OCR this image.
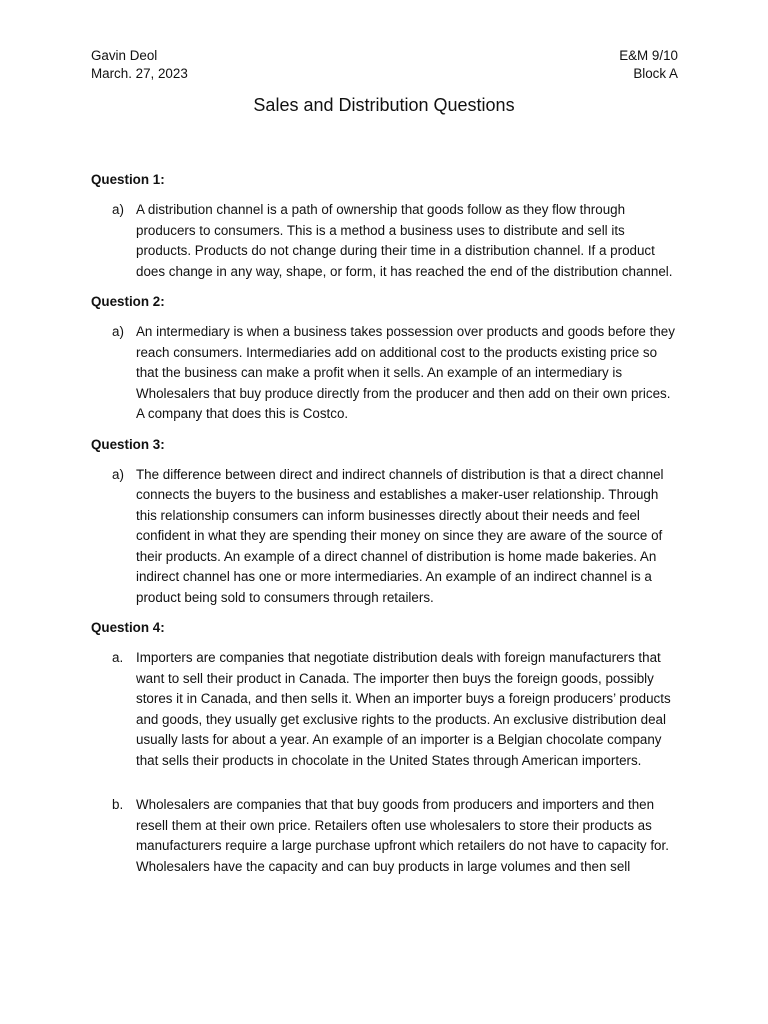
Gavin Deol
March. 27, 2023
E&M 9/10
Block A
Sales and Distribution Questions
Question 1:
a) A distribution channel is a path of ownership that goods follow as they flow through producers to consumers. This is a method a business uses to distribute and sell its products. Products do not change during their time in a distribution channel. If a product does change in any way, shape, or form, it has reached the end of the distribution channel.
Question 2:
a) An intermediary is when a business takes possession over products and goods before they reach consumers. Intermediaries add on additional cost to the products existing price so that the business can make a profit when it sells. An example of an intermediary is Wholesalers that buy produce directly from the producer and then add on their own prices. A company that does this is Costco.
Question 3:
a) The difference between direct and indirect channels of distribution is that a direct channel connects the buyers to the business and establishes a maker-user relationship. Through this relationship consumers can inform businesses directly about their needs and feel confident in what they are spending their money on since they are aware of the source of their products. An example of a direct channel of distribution is home made bakeries. An indirect channel has one or more intermediaries. An example of an indirect channel is a product being sold to consumers through retailers.
Question 4:
a. Importers are companies that negotiate distribution deals with foreign manufacturers that want to sell their product in Canada. The importer then buys the foreign goods, possibly stores it in Canada, and then sells it. When an importer buys a foreign producers’ products and goods, they usually get exclusive rights to the products. An exclusive distribution deal usually lasts for about a year. An example of an importer is a Belgian chocolate company that sells their products in chocolate in the United States through American importers.
b. Wholesalers are companies that that buy goods from producers and importers and then resell them at their own price. Retailers often use wholesalers to store their products as manufacturers require a large purchase upfront which retailers do not have to capacity for. Wholesalers have the capacity and can buy products in large volumes and then sell
